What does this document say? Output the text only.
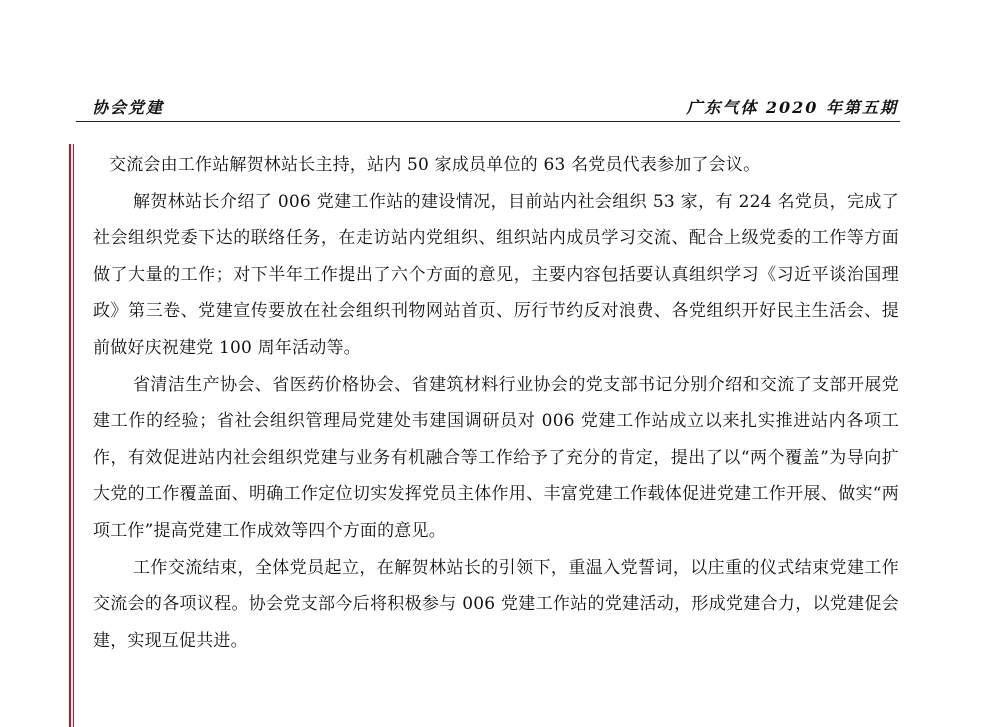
协会党建	广东气体 2020 年第五期

交流会由工作站解贺林站长主持，站内 50 家成员单位的 63 名党员代表参加了会议。

解贺林站长介绍了 006 党建工作站的建设情况，目前站内社会组织 53 家，有 224 名党员，完成了社会组织党委下达的联络任务，在走访站内党组织、组织站内成员学习交流、配合上级党委的工作等方面做了大量的工作；对下半年工作提出了六个方面的意见，主要内容包括要认真组织学习《习近平谈治国理政》第三卷、党建宣传要放在社会组织刊物网站首页、厉行节约反对浪费、各党组织开好民主生活会、提前做好庆祝建党 100 周年活动等。

省清洁生产协会、省医药价格协会、省建筑材料行业协会的党支部书记分别介绍和交流了支部开展党建工作的经验；省社会组织管理局党建处韦建国调研员对 006 党建工作站成立以来扎实推进站内各项工作，有效促进站内社会组织党建与业务有机融合等工作给予了充分的肯定，提出了以“两个覆盖”为导向扩大党的工作覆盖面、明确工作定位切实发挥党员主体作用、丰富党建工作载体促进党建工作开展、做实“两项工作”提高党建工作成效等四个方面的意见。

工作交流结束，全体党员起立，在解贺林站长的引领下，重温入党誓词，以庄重的仪式结束党建工作交流会的各项议程。协会党支部今后将积极参与 006 党建工作站的党建活动，形成党建合力，以党建促会建，实现互促共进。
